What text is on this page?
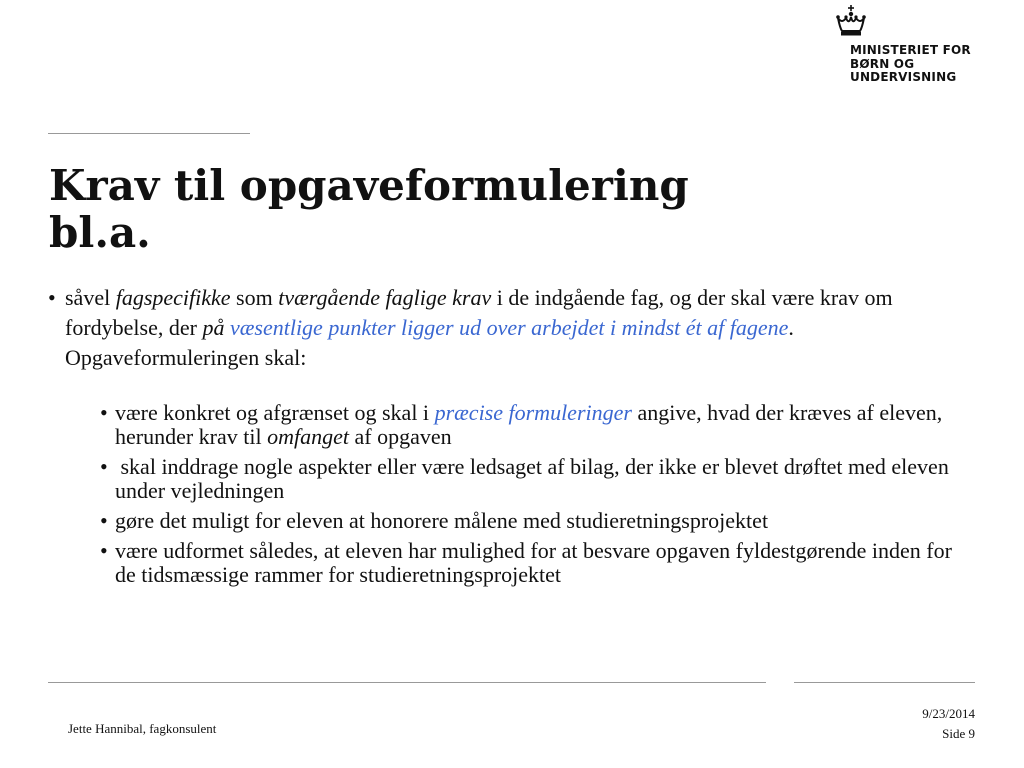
MINISTERIET FOR
BØRN OG
UNDERVISNING
Krav til opgaveformulering
bl.a.

• såvel fagspecifikke som tværgående faglige krav i de indgående fag, og der skal være krav om fordybelse, der på væsentlige punkter ligger ud over arbejdet i mindst ét af fagene. Opgaveformuleringen skal:

• være konkret og afgrænset og skal i præcise formuleringer angive, hvad der kræves af eleven, herunder krav til omfanget af opgaven
• skal inddrage nogle aspekter eller være ledsaget af bilag, der ikke er blevet drøftet med eleven under vejledningen
• gøre det muligt for eleven at honorere målene med studieretningsprojektet
• være udformet således, at eleven har mulighed for at besvare opgaven fyldestgørende inden for de tidsmæssige rammer for studieretningsprojektet
Jette Hannibal, fagkonsulent
9/23/2014
Side 9
